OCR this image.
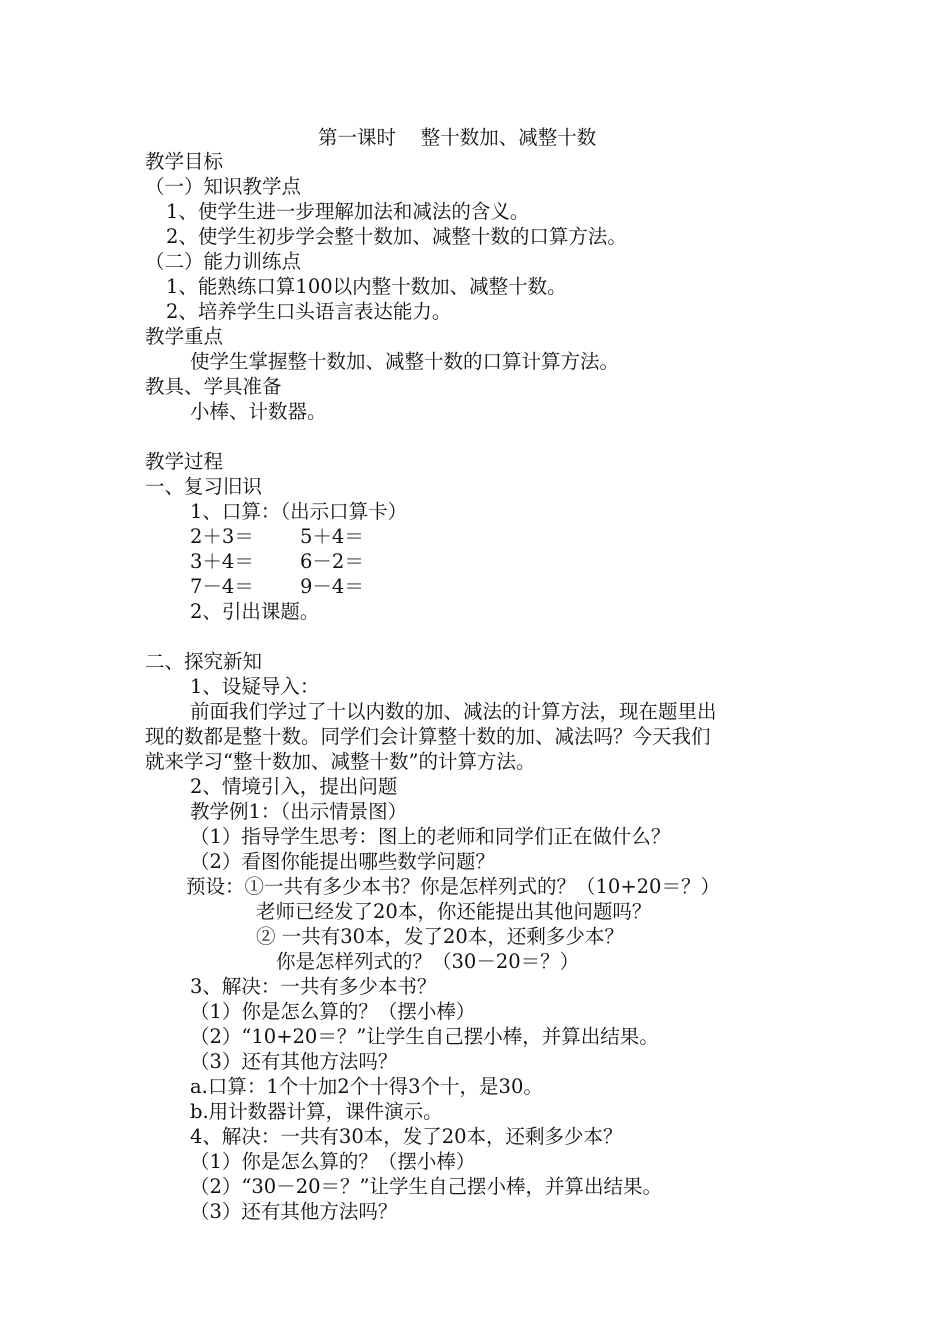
第一课时    整十数加、减整十数
教学目标
（一）知识教学点
1、使学生进一步理解加法和减法的含义。
2、使学生初步学会整十数加、减整十数的口算方法。
（二）能力训练点
1、能熟练口算100以内整十数加、减整十数。
2、培养学生口头语言表达能力。
教学重点
使学生掌握整十数加、减整十数的口算计算方法。
教具、学具准备
小棒、计数器。
教学过程
一、复习旧识
1、口算：（出示口算卡）
2＋3＝ 5＋4＝
3＋4＝ 6－2＝
7－4＝ 9－4＝
2、引出课题。
二、探究新知
1、设疑导入：
前面我们学过了十以内数的加、减法的计算方法，现在题里出
现的数都是整十数。同学们会计算整十数的加、减法吗？今天我们
就来学习“整十数加、减整十数”的计算方法。
2、情境引入，提出问题
教学例1：（出示情景图）
（1）指导学生思考：图上的老师和同学们正在做什么？
（2）看图你能提出哪些数学问题？
预设：①一共有多少本书？你是怎样列式的？（10+20＝？）
老师已经发了20本，你还能提出其他问题吗？
② 一共有30本，发了20本，还剩多少本？
你是怎样列式的？（30－20＝？）
3、解决：一共有多少本书？
（1）你是怎么算的？（摆小棒）
（2）“10+20＝？”让学生自己摆小棒，并算出结果。
（3）还有其他方法吗？
a.口算：1个十加2个十得3个十，是30。
b.用计数器计算，课件演示。
4、解决：一共有30本，发了20本，还剩多少本？
（1）你是怎么算的？（摆小棒）
（2）“30－20＝？”让学生自己摆小棒，并算出结果。
（3）还有其他方法吗？
